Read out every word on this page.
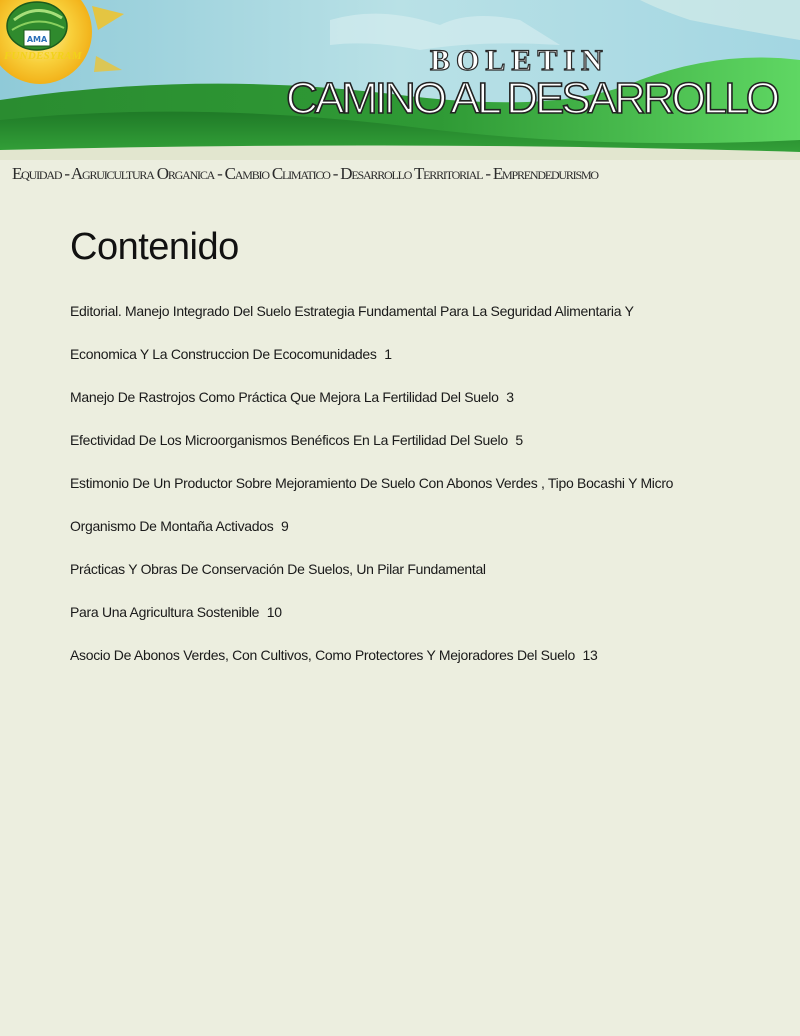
AMA
FUNDESYRAM	BOLETIN
CAMINO AL DESARROLLO
Equidad - Agruicultura Organica - Cambio Climatico - Desarrollo Territorial - Emprendedurismo
Contenido
Editorial. Manejo Integrado Del Suelo Estrategia Fundamental Para La Seguridad Alimentaria Y
Economica Y La Construccion De Ecocomunidades 1
Manejo De Rastrojos Como Práctica Que Mejora La Fertilidad Del Suelo 3
Efectividad De Los Microorganismos Benéficos En La Fertilidad Del Suelo 5
Estimonio De Un Productor Sobre Mejoramiento De Suelo Con Abonos Verdes , Tipo Bocashi Y Micro
Organismo De Montaña Activados 9
Prácticas Y Obras De Conservación De Suelos, Un Pilar Fundamental
Para Una Agricultura Sostenible 10
Asocio De Abonos Verdes, Con Cultivos, Como Protectores Y Mejoradores Del Suelo 13
